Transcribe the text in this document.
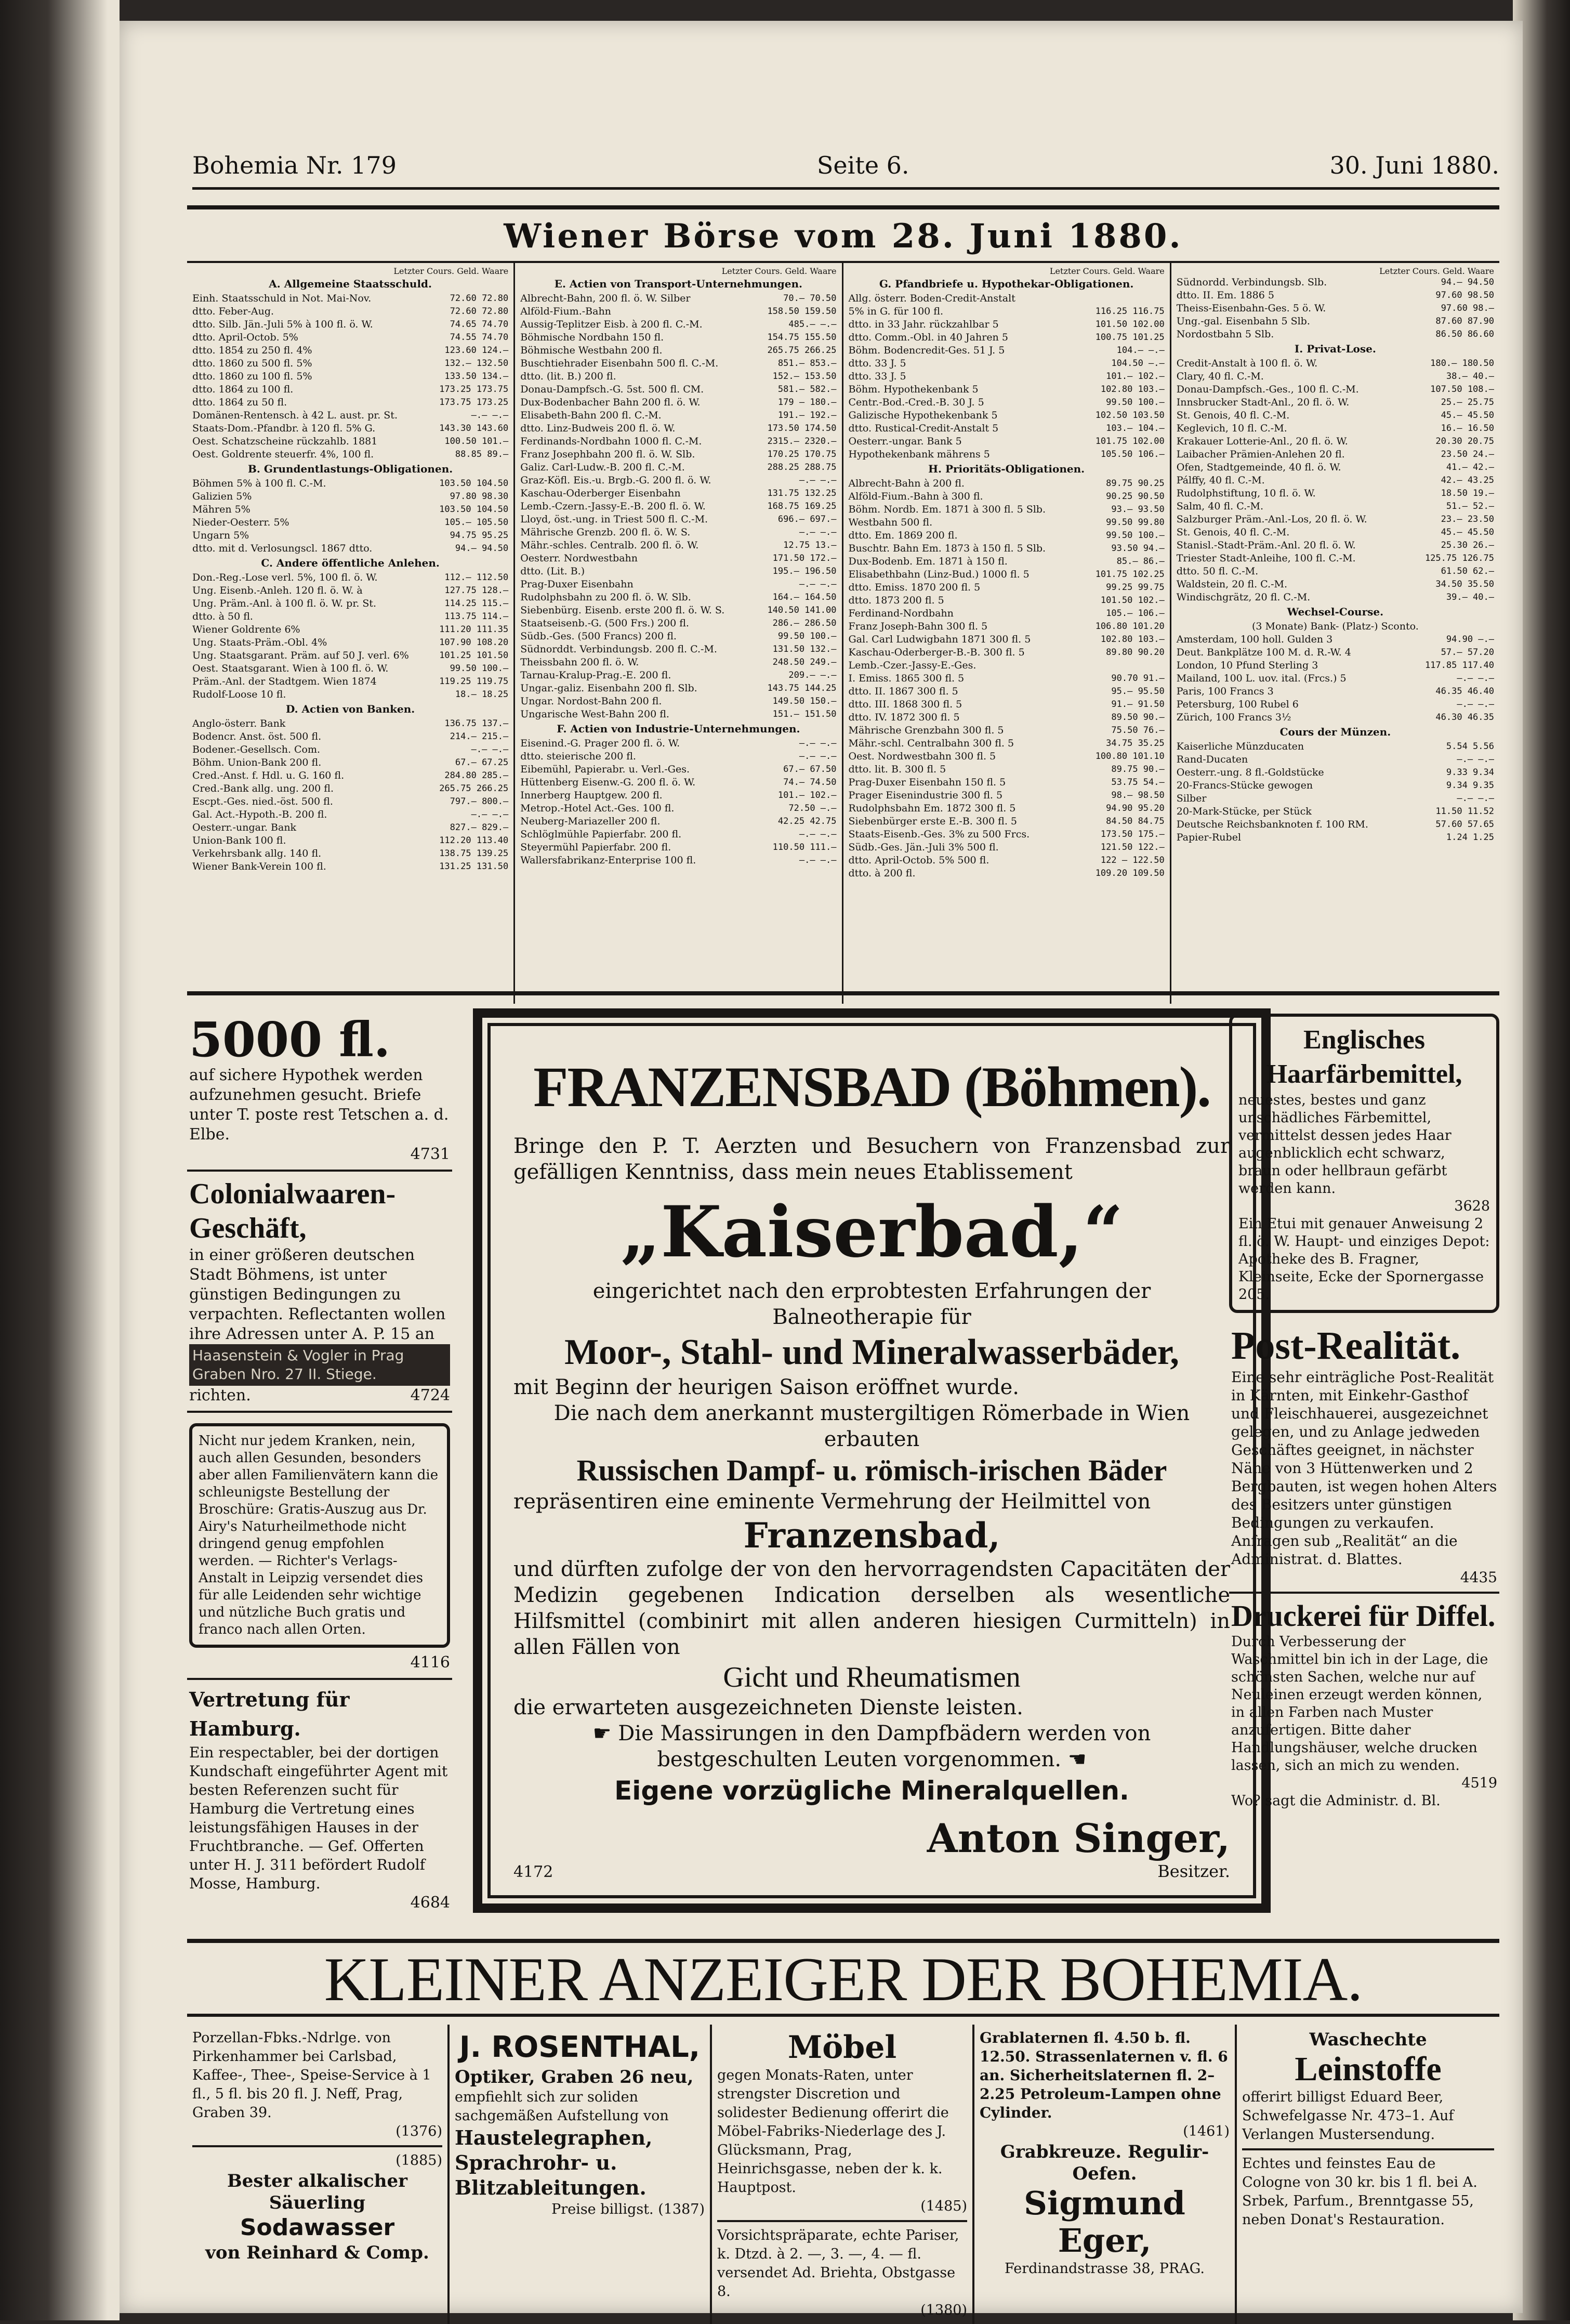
Bohemia Nr. 179	Seite 6.	30. Juni 1880.
Wiener Börse vom 28. Juni 1880.
Letzter Cours. Geld. Waare
A. Allgemeine Staatsschuld.
Einh. Staatsschuld in Not. Mai-Nov.	72.60 72.80
dtto. Feber-Aug.	72.60 72.80
dtto. Silb. Jän.-Juli 5% à 100 fl. ö. W.	74.65 74.70
dtto. April-Octob. 5%	74.55 74.70
dtto. 1854 zu 250 fl. 4%	123.60 124.—
dtto. 1860 zu 500 fl. 5%	132.— 132.50
dtto. 1860 zu 100 fl. 5%	133.50 134.—
dtto. 1864 zu 100 fl.	173.25 173.75
dtto. 1864 zu 50 fl.	173.75 173.25
Domänen-Rentensch. à 42 L. aust. pr. St.	—.— —.—
Staats-Dom.-Pfandbr. à 120 fl. 5% G.	143.30 143.60
Oest. Schatzscheine rückzahlb. 1881	100.50 101.—
Oest. Goldrente steuerfr. 4%, 100 fl.	88.85 89.—
B. Grundentlastungs-Obligationen.
Böhmen 5% à 100 fl. C.-M.	103.50 104.50
Galizien 5%	97.80 98.30
Mähren 5%	103.50 104.50
Nieder-Oesterr. 5%	105.— 105.50
Ungarn 5%	94.75 95.25
dtto. mit d. Verlosungscl. 1867 dtto.	94.— 94.50
C. Andere öffentliche Anlehen.
Don.-Reg.-Lose verl. 5%, 100 fl. ö. W.	112.— 112.50
Ung. Eisenb.-Anleh. 120 fl. ö. W. à	127.75 128.—
Ung. Präm.-Anl. à 100 fl. ö. W. pr. St.	114.25 115.—
dtto. à 50 fl.	113.75 114.—
Wiener Goldrente 6%	111.20 111.35
Ung. Staats-Präm.-Obl. 4%	107.90 108.20
Ung. Staatsgarant. Präm. auf 50 J. verl. 6%	101.25 101.50
Oest. Staatsgarant. Wien à 100 fl. ö. W.	99.50 100.—
Präm.-Anl. der Stadtgem. Wien 1874	119.25 119.75
Rudolf-Loose 10 fl.	18.— 18.25
D. Actien von Banken.
Anglo-österr. Bank	136.75 137.—
Bodencr. Anst. öst. 500 fl.	214.— 215.—
Bodener.-Gesellsch. Com.	—.— —.—
Böhm. Union-Bank 200 fl.	67.— 67.25
Cred.-Anst. f. Hdl. u. G. 160 fl.	284.80 285.—
Cred.-Bank allg. ung. 200 fl.	265.75 266.25
Escpt.-Ges. nied.-öst. 500 fl.	797.— 800.—
Gal. Act.-Hypoth.-B. 200 fl.	—.— —.—
Oesterr.-ungar. Bank	827.— 829.—
Union-Bank 100 fl.	112.20 113.40
Verkehrsbank allg. 140 fl.	138.75 139.25
Wiener Bank-Verein 100 fl.	131.25 131.50
Letzter Cours. Geld. Waare
E. Actien von Transport-Unternehmungen.
Albrecht-Bahn, 200 fl. ö. W. Silber	70.— 70.50
Alföld-Fium.-Bahn	158.50 159.50
Aussig-Teplitzer Eisb. à 200 fl. C.-M.	485.— —.—
Böhmische Nordbahn 150 fl.	154.75 155.50
Böhmische Westbahn 200 fl.	265.75 266.25
Buschtiehrader Eisenbahn 500 fl. C.-M.	851.— 853.—
dtto. (lit. B.) 200 fl.	152.— 153.50
Donau-Dampfsch.-G. 5st. 500 fl. CM.	581.— 582.—
Dux-Bodenbacher Bahn 200 fl. ö. W.	179 — 180.—
Elisabeth-Bahn 200 fl. C.-M.	191.— 192.—
dtto. Linz-Budweis 200 fl. ö. W.	173.50 174.50
Ferdinands-Nordbahn 1000 fl. C.-M.	2315.— 2320.—
Franz Josephbahn 200 fl. ö. W. Slb.	170.25 170.75
Galiz. Carl-Ludw.-B. 200 fl. C.-M.	288.25 288.75
Graz-Köfl. Eis.-u. Brgb.-G. 200 fl. ö. W.	—.— —.—
Kaschau-Oderberger Eisenbahn	131.75 132.25
Lemb.-Czern.-Jassy-E.-B. 200 fl. ö. W.	168.75 169.25
Lloyd, öst.-ung. in Triest 500 fl. C.-M.	696.— 697.—
Mährische Grenzb. 200 fl. ö. W. S.	—.— —.—
Mähr.-schles. Centralb. 200 fl. ö. W.	12.75 13.—
Oesterr. Nordwestbahn	171.50 172.—
dtto. (Lit. B.)	195.— 196.50
Prag-Duxer Eisenbahn	—.— —.—
Rudolphsbahn zu 200 fl. ö. W. Slb.	164.— 164.50
Siebenbürg. Eisenb. erste 200 fl. ö. W. S.	140.50 141.00
Staatseisenb.-G. (500 Frs.) 200 fl.	286.— 286.50
Südb.-Ges. (500 Francs) 200 fl.	99.50 100.—
Südnorddt. Verbindungsb. 200 fl. C.-M.	131.50 132.—
Theissbahn 200 fl. ö. W.	248.50 249.—
Tarnau-Kralup-Prag.-E. 200 fl.	209.— —.—
Ungar.-galiz. Eisenbahn 200 fl. Slb.	143.75 144.25
Ungar. Nordost-Bahn 200 fl.	149.50 150.—
Ungarische West-Bahn 200 fl.	151.— 151.50
F. Actien von Industrie-Unternehmungen.
Eisenind.-G. Prager 200 fl. ö. W.	—.— —.—
dtto. steierische 200 fl.	—.— —.—
Eibemühl, Papierabr. u. Verl.-Ges.	67.— 67.50
Hüttenberg Eisenw.-G. 200 fl. ö. W.	74.— 74.50
Innerberg Hauptgew. 200 fl.	101.— 102.—
Metrop.-Hotel Act.-Ges. 100 fl.	72.50 —.—
Neuberg-Mariazeller 200 fl.	42.25 42.75
Schlöglmühle Papierfabr. 200 fl.	—.— —.—
Steyermühl Papierfabr. 200 fl.	110.50 111.—
Wallersfabrikanz-Enterprise 100 fl.	—.— —.—
Letzter Cours. Geld. Waare
G. Pfandbriefe u. Hypothekar-Obligationen.
Allg. österr. Boden-Credit-Anstalt
5% in G. für 100 fl.	116.25 116.75
dtto. in 33 Jahr. rückzahlbar 5	101.50 102.00
dtto. Comm.-Obl. in 40 Jahren 5	100.75 101.25
Böhm. Bodencredit-Ges. 51 J. 5	104.— —.—
dtto. 33 J. 5	104.50 —.—
dtto. 33 J. 5	101.— 102.—
Böhm. Hypothekenbank 5	102.80 103.—
Centr.-Bod.-Cred.-B. 30 J. 5	99.50 100.—
Galizische Hypothekenbank 5	102.50 103.50
dtto. Rustical-Credit-Anstalt 5	103.— 104.—
Oesterr.-ungar. Bank 5	101.75 102.00
Hypothekenbank mährens 5	105.50 106.—
H. Prioritäts-Obligationen.
Albrecht-Bahn à 200 fl.	89.75 90.25
Alföld-Fium.-Bahn à 300 fl.	90.25 90.50
Böhm. Nordb. Em. 1871 à 300 fl. 5 Slb.	93.— 93.50
Westbahn 500 fl.	99.50 99.80
dtto. Em. 1869 200 fl.	99.50 100.—
Buschtr. Bahn Em. 1873 à 150 fl. 5 Slb.	93.50 94.—
Dux-Bodenb. Em. 1871 à 150 fl.	85.— 86.—
Elisabethbahn (Linz-Bud.) 1000 fl. 5	101.75 102.25
dtto. Emiss. 1870 200 fl. 5	99.25 99.75
dtto. 1873 200 fl. 5	101.50 102.—
Ferdinand-Nordbahn	105.— 106.—
Franz Joseph-Bahn 300 fl. 5	106.80 101.20
Gal. Carl Ludwigbahn 1871 300 fl. 5	102.80 103.—
Kaschau-Oderberger-B.-B. 300 fl. 5	89.80 90.20
Lemb.-Czer.-Jassy-E.-Ges.
I. Emiss. 1865 300 fl. 5	90.70 91.—
dtto. II. 1867 300 fl. 5	95.— 95.50
dtto. III. 1868 300 fl. 5	91.— 91.50
dtto. IV. 1872 300 fl. 5	89.50 90.—
Mährische Grenzbahn 300 fl. 5	75.50 76.—
Mähr.-schl. Centralbahn 300 fl. 5	34.75 35.25
Oest. Nordwestbahn 300 fl. 5	100.80 101.10
dtto. lit. B. 300 fl. 5	89.75 90.—
Prag-Duxer Eisenbahn 150 fl. 5	53.75 54.—
Prager Eisenindustrie 300 fl. 5	98.— 98.50
Rudolphsbahn Em. 1872 300 fl. 5	94.90 95.20
Siebenbürger erste E.-B. 300 fl. 5	84.50 84.75
Staats-Eisenb.-Ges. 3% zu 500 Frcs.	173.50 175.—
Südb.-Ges. Jän.-Juli 3% 500 fl.	121.50 122.—
dtto. April-Octob. 5% 500 fl.	122 — 122.50
dtto. à 200 fl.	109.20 109.50
Letzter Cours. Geld. Waare
Südnordd. Verbindungsb. Slb.	94.— 94.50
dtto. II. Em. 1886 5	97.60 98.50
Theiss-Eisenbahn-Ges. 5 ö. W.	97.60 98.—
Ung.-gal. Eisenbahn 5 Slb.	87.60 87.90
Nordostbahn 5 Slb.	86.50 86.60
I. Privat-Lose.
Credit-Anstalt à 100 fl. ö. W.	180.— 180.50
Clary, 40 fl. C.-M.	38.— 40.—
Donau-Dampfsch.-Ges., 100 fl. C.-M.	107.50 108.—
Innsbrucker Stadt-Anl., 20 fl. ö. W.	25.— 25.75
St. Genois, 40 fl. C.-M.	45.— 45.50
Keglevich, 10 fl. C.-M.	16.— 16.50
Krakauer Lotterie-Anl., 20 fl. ö. W.	20.30 20.75
Laibacher Prämien-Anlehen 20 fl.	23.50 24.—
Ofen, Stadtgemeinde, 40 fl. ö. W.	41.— 42.—
Pálffy, 40 fl. C.-M.	42.— 43.25
Rudolphstiftung, 10 fl. ö. W.	18.50 19.—
Salm, 40 fl. C.-M.	51.— 52.—
Salzburger Präm.-Anl.-Los, 20 fl. ö. W.	23.— 23.50
St. Genois, 40 fl. C.-M.	45.— 45.50
Stanisl.-Stadt-Präm.-Anl. 20 fl. ö. W.	25.30 26.—
Triester Stadt-Anleihe, 100 fl. C.-M.	125.75 126.75
dtto. 50 fl. C.-M.	61.50 62.—
Waldstein, 20 fl. C.-M.	34.50 35.50
Windischgrätz, 20 fl. C.-M.	39.— 40.—
Wechsel-Course.
(3 Monate) Bank- (Platz-) Sconto.
Amsterdam, 100 holl. Gulden 3	94.90 —.—
Deut. Bankplätze 100 M. d. R.-W. 4	57.— 57.20
London, 10 Pfund Sterling 3	117.85 117.40
Mailand, 100 L. uov. ital. (Frcs.) 5	—.— —.—
Paris, 100 Francs 3	46.35 46.40
Petersburg, 100 Rubel 6	—.— —.—
Zürich, 100 Francs 3½	46.30 46.35
Cours der Münzen.
Kaiserliche Münzducaten	5.54 5.56
Rand-Ducaten	—.— —.—
Oesterr.-ung. 8 fl.-Goldstücke	9.33 9.34
20-Francs-Stücke gewogen	9.34 9.35
Silber	—.— —.—
20-Mark-Stücke, per Stück	11.50 11.52
Deutsche Reichsbanknoten f. 100 RM.	57.60 57.65
Papier-Rubel	1.24 1.25
5000 fl.
auf sichere Hypothek werden aufzunehmen gesucht. Briefe unter T. poste rest Tetschen a. d. Elbe.
4731
Colonialwaaren-Geschäft,
in einer größeren deutschen Stadt Böhmens, ist unter günstigen Bedingungen zu verpachten. Reflectanten wollen ihre Adressen unter A. P. 15 an
Haasenstein & Vogler in Prag Graben Nro. 27 II. Stiege.
richten.	4724
Nicht nur jedem Kranken, nein, auch allen Gesunden, besonders aber allen Familienvätern kann die schleunigste Bestellung der Broschüre: Gratis-Auszug aus Dr. Airy's Naturheilmethode nicht dringend genug empfohlen werden. — Richter's Verlags-Anstalt in Leipzig versendet dies für alle Leidenden sehr wichtige und nützliche Buch gratis und franco nach allen Orten.
4116
Vertretung für Hamburg.
Ein respectabler, bei der dortigen Kundschaft eingeführter Agent mit besten Referenzen sucht für Hamburg die Vertretung eines leistungsfähigen Hauses in der Fruchtbranche. — Gef. Offerten unter H. J. 311 befördert Rudolf Mosse, Hamburg.
4684
FRANZENSBAD (Böhmen).
Bringe den P. T. Aerzten und Besuchern von Franzensbad zur gefälligen Kenntniss, dass mein neues Etablissement
„Kaiserbad,“
eingerichtet nach den erprobtesten Erfahrungen der Balneotherapie für
Moor-, Stahl- und Mineralwasserbäder,
mit Beginn der heurigen Saison eröffnet wurde.
Die nach dem anerkannt mustergiltigen Römerbade in Wien erbauten
Russischen Dampf- u. römisch-irischen Bäder
repräsentiren eine eminente Vermehrung der Heilmittel von
Franzensbad,
und dürften zufolge der von den hervorragendsten Capacitäten der Medizin gegebenen Indication derselben als wesentliche Hilfsmittel (combinirt mit allen anderen hiesigen Curmitteln) in allen Fällen von
Gicht und Rheumatismen
die erwarteten ausgezeichneten Dienste leisten.
☛ Die Massirungen in den Dampfbädern werden von bestgeschulten Leuten vorgenommen. ☚
Eigene vorzügliche Mineralquellen.
4172
Anton Singer,
Besitzer.
Englisches Haarfärbemittel,
neuestes, bestes und ganz unschädliches Färbemittel, vermittelst dessen jedes Haar augenblicklich echt schwarz, braun oder hellbraun gefärbt werden kann.
3628
Ein Etui mit genauer Anweisung 2 fl. ö. W. Haupt- und einziges Depot: Apotheke des B. Fragner, Kleinseite, Ecke der Spornergasse 205.
Post-Realität.
Eine sehr einträgliche Post-Realität in Kärnten, mit Einkehr-Gasthof und Fleischhauerei, ausgezeichnet gelegen, und zu Anlage jedweden Geschäftes geeignet, in nächster Nähe von 3 Hüttenwerken und 2 Bergbauten, ist wegen hohen Alters des Besitzers unter günstigen Bedingungen zu verkaufen. Anfragen sub „Realität“ an die Administrat. d. Blattes.
4435
Druckerei für Diffel.
Durch Verbesserung der Waschmittel bin ich in der Lage, die schönsten Sachen, welche nur auf Neuleinen erzeugt werden können, in allen Farben nach Muster anzufertigen. Bitte daher Handlungshäuser, welche drucken lassen, sich an mich zu wenden.
4519
Wo? sagt die Administr. d. Bl.
KLEINER ANZEIGER DER BOHEMIA.
Porzellan-Fbks.-Ndrlge. von Pirkenhammer bei Carlsbad, Kaffee-, Thee-, Speise-Service à 1 fl., 5 fl. bis 20 fl. J. Neff, Prag, Graben 39.
(1376)
(1885)
Bester alkalischer Säuerling
Sodawasser
von Reinhard & Comp.
J. ROSENTHAL,
Optiker, Graben 26 neu,
empfiehlt sich zur soliden sachgemäßen Aufstellung von
Haustelegraphen, Sprachrohr- u. Blitzableitungen.
Preise billigst. (1387)
Möbel
gegen Monats-Raten, unter strengster Discretion und solidester Bedienung offerirt die Möbel-Fabriks-Niederlage des J. Glücksmann, Prag, Heinrichsgasse, neben der k. k. Hauptpost.
(1485)
Vorsichtspräparate, echte Pariser, k. Dtzd. à 2. —, 3. —, 4. — fl. versendet Ad. Briehta, Obstgasse 8.
(1380)
Grablaternen fl. 4.50 b. fl. 12.50. Strassenlaternen v. fl. 6 an. Sicherheitslaternen fl. 2–2.25 Petroleum-Lampen ohne Cylinder.
(1461)
Grabkreuze. Regulir-Oefen.
Sigmund Eger,
Ferdinandstrasse 38, PRAG.
Waschechte
Leinstoffe
offerirt billigst Eduard Beer, Schwefelgasse Nr. 473–1. Auf Verlangen Mustersendung.
Echtes und feinstes Eau de Cologne von 30 kr. bis 1 fl. bei A. Srbek, Parfum., Brenntgasse 55, neben Donat's Restauration.
